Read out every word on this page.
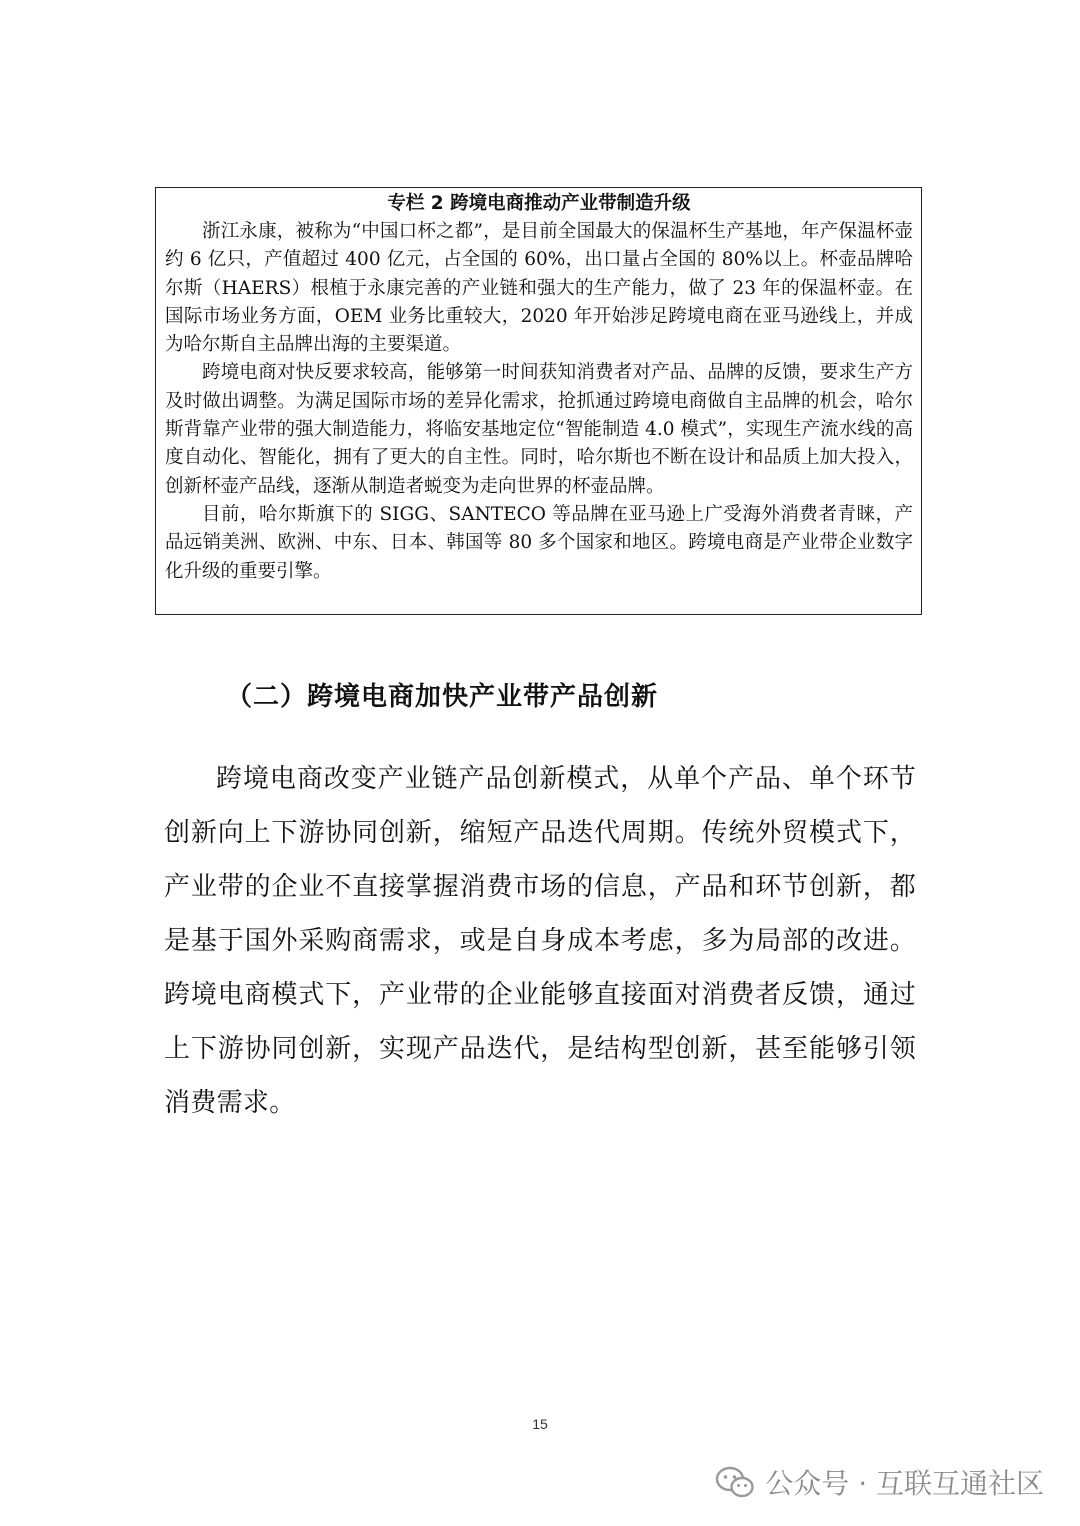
专栏 2 跨境电商推动产业带制造升级

浙江永康，被称为“中国口杯之都”，是目前全国最大的保温杯生产基地，年产保温杯壶约 6 亿只，产值超过 400 亿元，占全国的 60%，出口量占全国的 80%以上。杯壶品牌哈尔斯（HAERS）根植于永康完善的产业链和强大的生产能力，做了 23 年的保温杯壶。在国际市场业务方面，OEM 业务比重较大，2020 年开始涉足跨境电商在亚马逊线上，并成为哈尔斯自主品牌出海的主要渠道。

跨境电商对快反要求较高，能够第一时间获知消费者对产品、品牌的反馈，要求生产方及时做出调整。为满足国际市场的差异化需求，抢抓通过跨境电商做自主品牌的机会，哈尔斯背靠产业带的强大制造能力，将临安基地定位“智能制造 4.0 模式”，实现生产流水线的高度自动化、智能化，拥有了更大的自主性。同时，哈尔斯也不断在设计和品质上加大投入，创新杯壶产品线，逐渐从制造者蜕变为走向世界的杯壶品牌。

目前，哈尔斯旗下的 SIGG、SANTECO 等品牌在亚马逊上广受海外消费者青睐，产品远销美洲、欧洲、中东、日本、韩国等 80 多个国家和地区。跨境电商是产业带企业数字化升级的重要引擎。

（二）跨境电商加快产业带产品创新

跨境电商改变产业链产品创新模式，从单个产品、单个环节创新向上下游协同创新，缩短产品迭代周期。传统外贸模式下，产业带的企业不直接掌握消费市场的信息，产品和环节创新，都是基于国外采购商需求，或是自身成本考虑，多为局部的改进。跨境电商模式下，产业带的企业能够直接面对消费者反馈，通过上下游协同创新，实现产品迭代，是结构型创新，甚至能够引领消费需求。

15
公众号 · 互联互通社区
